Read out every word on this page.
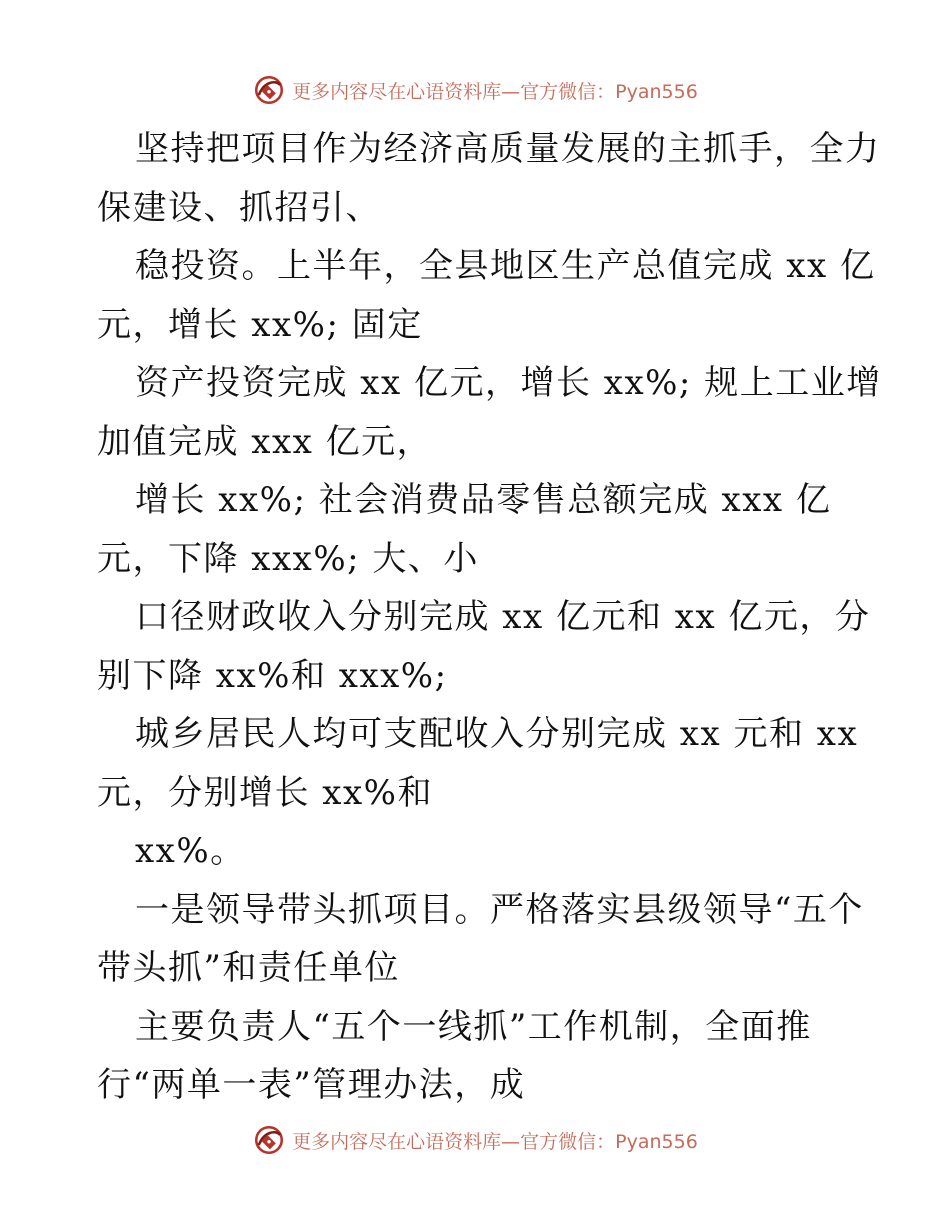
更多内容尽在心语资料库—官方微信：Pyan556
坚持把项目作为经济高质量发展的主抓手，全力
保建设、抓招引、
稳投资。上半年，全县地区生产总值完成 xx 亿
元，增长 xx%; 固定
资产投资完成 xx 亿元，增长 xx%; 规上工业增
加值完成 xxx 亿元，
增长 xx%; 社会消费品零售总额完成 xxx 亿
元，下降 xxx%; 大、小
口径财政收入分别完成 xx 亿元和 xx 亿元，分
别下降 xx%和 xxx%;
城乡居民人均可支配收入分别完成 xx 元和 xx
元，分别增长 xx%和
xx%。
一是领导带头抓项目。严格落实县级领导“五个
带头抓”和责任单位
主要负责人“五个一线抓”工作机制，全面推
行“两单一表”管理办法，成
更多内容尽在心语资料库—官方微信：Pyan556
